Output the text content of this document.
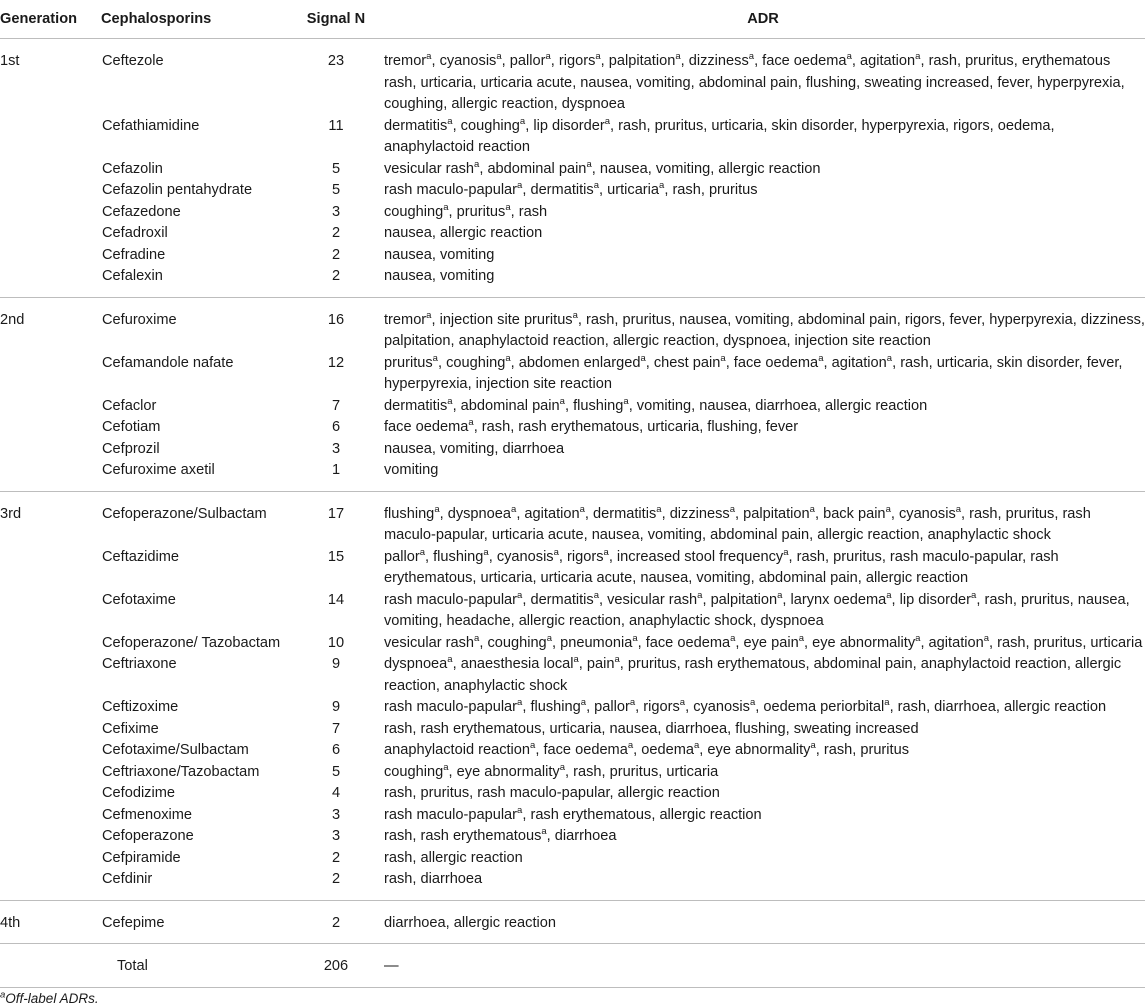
Generation	Cephalosporins	Signal N	ADR
1st	Ceftezole	23	tremor$^a$, cyanosis$^a$, pallor$^a$, rigors$^a$, palpitation$^a$, dizziness$^a$, face oedema$^a$, agitation$^a$, rash, pruritus, erythematous rash, urticaria, urticaria acute, nausea, vomiting, abdominal pain, flushing, sweating increased, fever, hyperpyrexia, coughing, allergic reaction, dyspnoea
	Cefathiamidine	11	dermatitis$^a$, coughing$^a$, lip disorder$^a$, rash, pruritus, urticaria, skin disorder, hyperpyrexia, rigors, oedema, anaphylactoid reaction
	Cefazolin	5	vesicular rash$^a$, abdominal pain$^a$, nausea, vomiting, allergic reaction
	Cefazolin pentahydrate	5	rash maculo-papular$^a$, dermatitis$^a$, urticaria$^a$, rash, pruritus
	Cefazedone	3	coughing$^a$, pruritus$^a$, rash
	Cefadroxil	2	nausea, allergic reaction
	Cefradine	2	nausea, vomiting
	Cefalexin	2	nausea, vomiting
2nd	Cefuroxime	16	tremor$^a$, injection site pruritus$^a$, rash, pruritus, nausea, vomiting, abdominal pain, rigors, fever, hyperpyrexia, dizziness, palpitation, anaphylactoid reaction, allergic reaction, dyspnoea, injection site reaction
	Cefamandole nafate	12	pruritus$^a$, coughing$^a$, abdomen enlarged$^a$, chest pain$^a$, face oedema$^a$, agitation$^a$, rash, urticaria, skin disorder, fever, hyperpyrexia, injection site reaction
	Cefaclor	7	dermatitis$^a$, abdominal pain$^a$, flushing$^a$, vomiting, nausea, diarrhoea, allergic reaction
	Cefotiam	6	face oedema$^a$, rash, rash erythematous, urticaria, flushing, fever
	Cefprozil	3	nausea, vomiting, diarrhoea
	Cefuroxime axetil	1	vomiting
3rd	Cefoperazone/Sulbactam	17	flushing$^a$, dyspnoea$^a$, agitation$^a$, dermatitis$^a$, dizziness$^a$, palpitation$^a$, back pain$^a$, cyanosis$^a$, rash, pruritus, rash maculo-papular, urticaria acute, nausea, vomiting, abdominal pain, allergic reaction, anaphylactic shock
	Ceftazidime	15	pallor$^a$, flushing$^a$, cyanosis$^a$, rigors$^a$, increased stool frequency$^a$, rash, pruritus, rash maculo-papular, rash erythematous, urticaria, urticaria acute, nausea, vomiting, abdominal pain, allergic reaction
	Cefotaxime	14	rash maculo-papular$^a$, dermatitis$^a$, vesicular rash$^a$, palpitation$^a$, larynx oedema$^a$, lip disorder$^a$, rash, pruritus, nausea, vomiting, headache, allergic reaction, anaphylactic shock, dyspnoea
	Cefoperazone/ Tazobactam	10	vesicular rash$^a$, coughing$^a$, pneumonia$^a$, face oedema$^a$, eye pain$^a$, eye abnormality$^a$, agitation$^a$, rash, pruritus, urticaria
	Ceftriaxone	9	dyspnoea$^a$, anaesthesia local$^a$, pain$^a$, pruritus, rash erythematous, abdominal pain, anaphylactoid reaction, allergic reaction, anaphylactic shock
	Ceftizoxime	9	rash maculo-papular$^a$, flushing$^a$, pallor$^a$, rigors$^a$, cyanosis$^a$, oedema periorbital$^a$, rash, diarrhoea, allergic reaction
	Cefixime	7	rash, rash erythematous, urticaria, nausea, diarrhoea, flushing, sweating increased
	Cefotaxime/Sulbactam	6	anaphylactoid reaction$^a$, face oedema$^a$, oedema$^a$, eye abnormality$^a$, rash, pruritus
	Ceftriaxone/Tazobactam	5	coughing$^a$, eye abnormality$^a$, rash, pruritus, urticaria
	Cefodizime	4	rash, pruritus, rash maculo-papular, allergic reaction
	Cefmenoxime	3	rash maculo-papular$^a$, rash erythematous, allergic reaction
	Cefoperazone	3	rash, rash erythematous$^a$, diarrhoea
	Cefpiramide	2	rash, allergic reaction
	Cefdinir	2	rash, diarrhoea
4th	Cefepime	2	diarrhoea, allergic reaction
	Total	206	—
$^a$Off-label ADRs.
